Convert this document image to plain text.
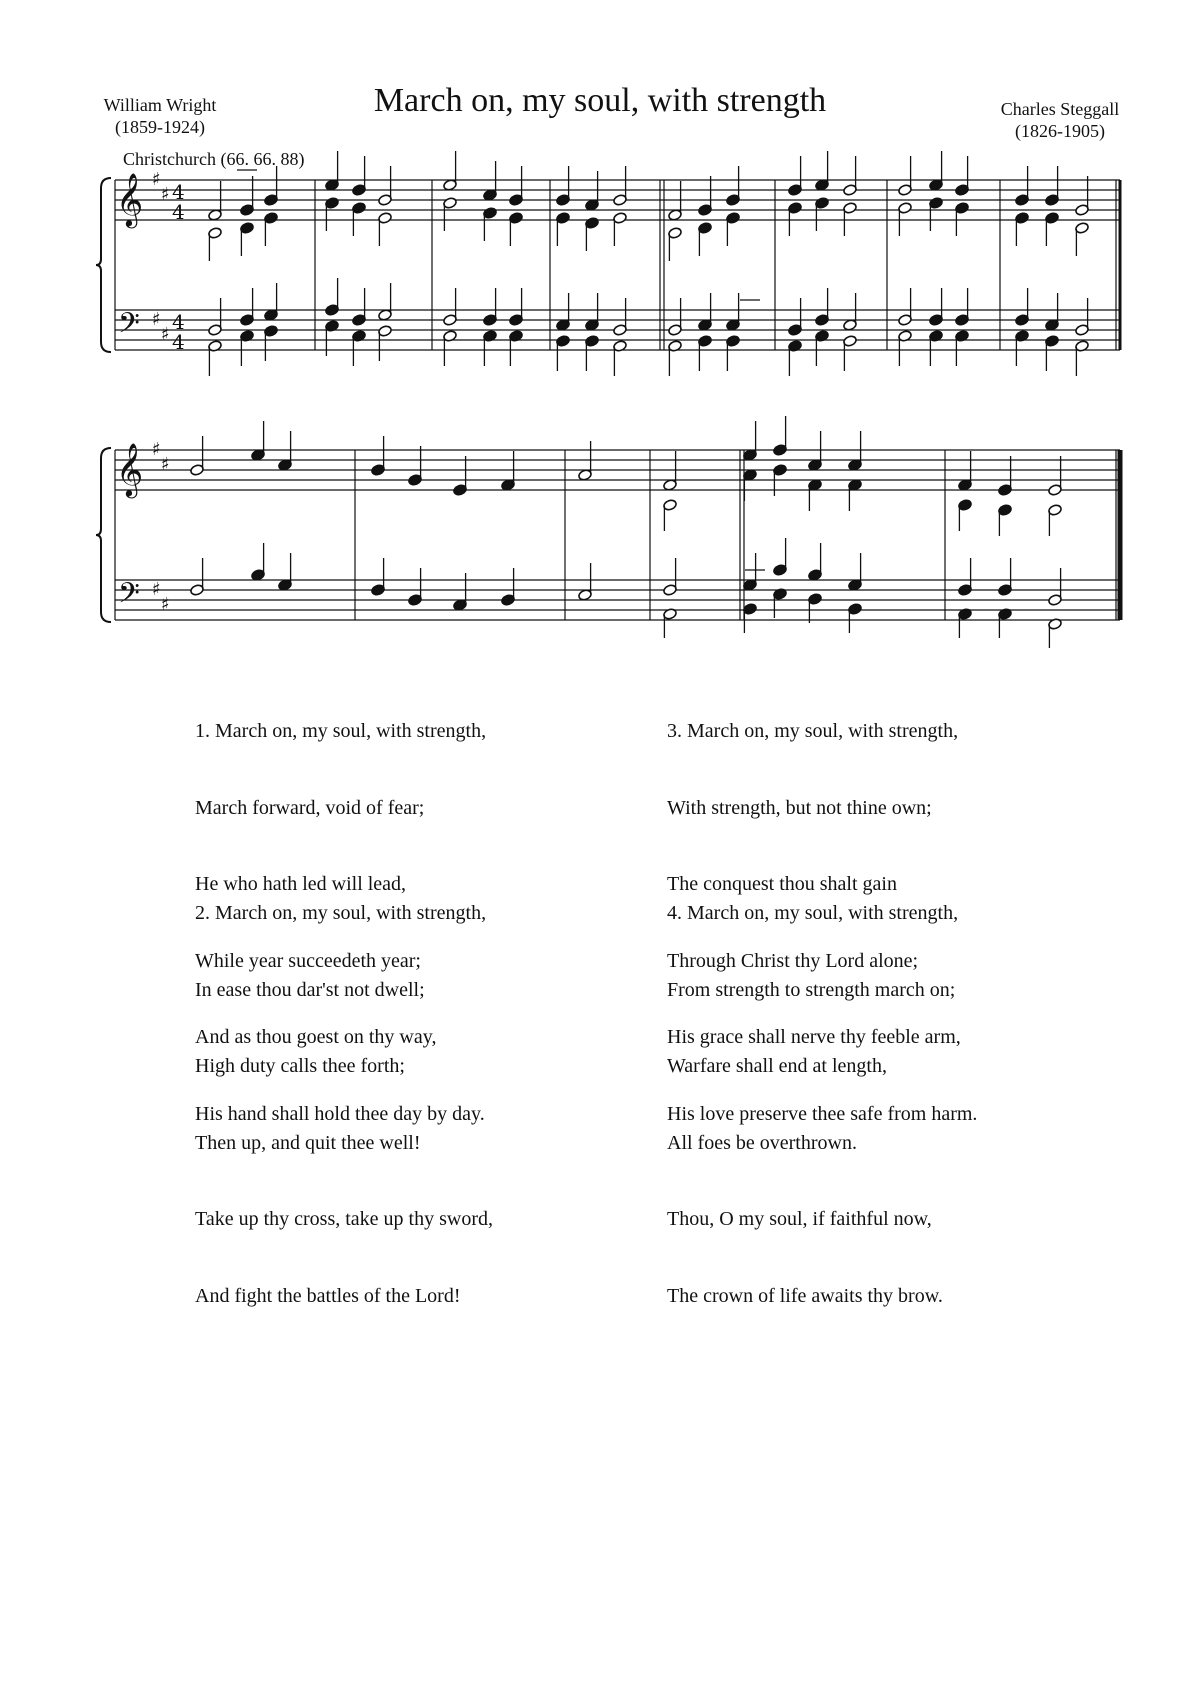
March on, my soul, with strength
William Wright
(1859-1924)
Charles Steggall
(1826-1905)
Christchurch (66. 66. 88)
𝄞
𝄢
♯
♯
♯
♯
4
4
4
4
𝄞
𝄢
♯
♯
♯
♯

1. March on, my soul, with strength,

March forward, void of fear;

He who hath led will lead,

While year succeedeth year;

And as thou goest on thy way,

His hand shall hold thee day by day.

2. March on, my soul, with strength,

In ease thou dar'st not dwell;

High duty calls thee forth;

Then up, and quit thee well!

Take up thy cross, take up thy sword,

And fight the battles of the Lord!

3. March on, my soul, with strength,

With strength, but not thine own;

The conquest thou shalt gain

Through Christ thy Lord alone;

His grace shall nerve thy feeble arm,

His love preserve thee safe from harm.

4. March on, my soul, with strength,

From strength to strength march on;

Warfare shall end at length,

All foes be overthrown.

Thou, O my soul, if faithful now,

The crown of life awaits thy brow.
